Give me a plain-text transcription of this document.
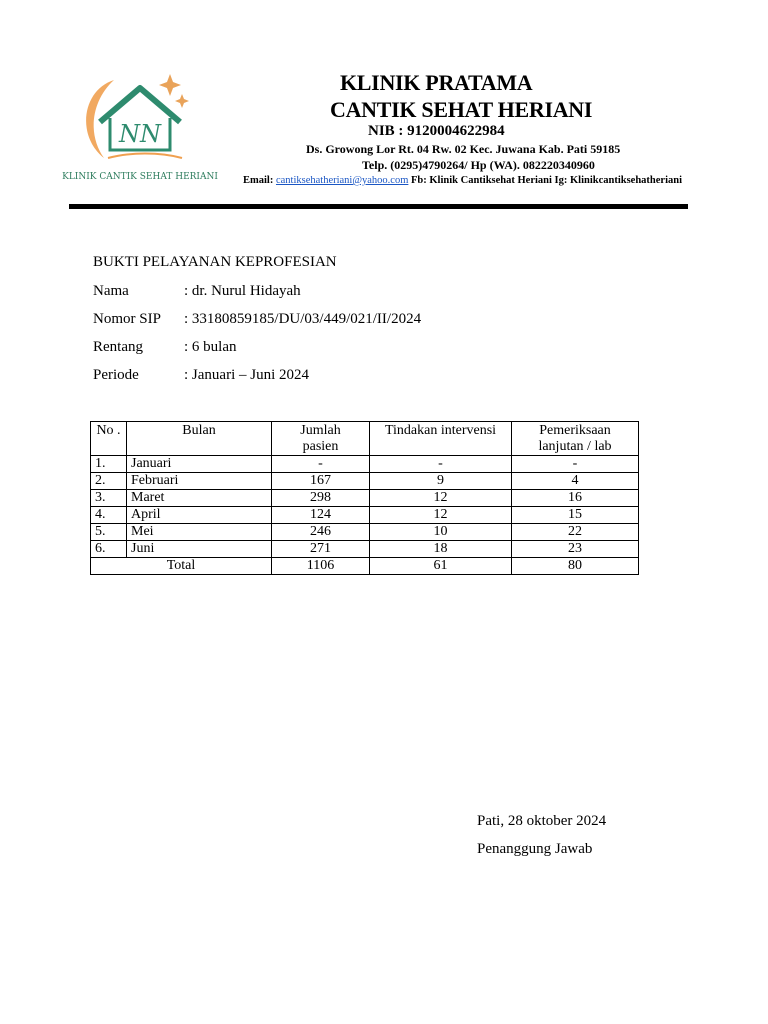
NN
KLINIK CANTIK SEHAT HERIANI
KLINIK PRATAMA
CANTIK SEHAT HERIANI
NIB : 9120004622984
Ds. Growong Lor Rt. 04 Rw. 02 Kec. Juwana Kab. Pati 59185
Telp. (0295)4790264/ Hp (WA). 082220340960
Email: cantiksehatheriani@yahoo.com Fb: Klinik Cantiksehat Heriani Ig: Klinikcantiksehatheriani
BUKTI PELAYANAN KEPROFESIAN
Nama	: dr. Nurul Hidayah
Nomor SIP : 33180859185/DU/03/449/021/II/2024
Rentang	: 6 bulan
Periode	: Januari – Juni 2024
No .	Bulan	Jumlah pasien	Tindakan intervensi	Pemeriksaan lanjutan / lab
1.	Januari	-	-	-
2.	Februari	167	9	4
3.	Maret	298	12	16
4.	April	124	12	15
5.	Mei	246	10	22
6.	Juni	271	18	23
Total		1106	61	80
Pati, 28 oktober 2024
Penanggung Jawab
